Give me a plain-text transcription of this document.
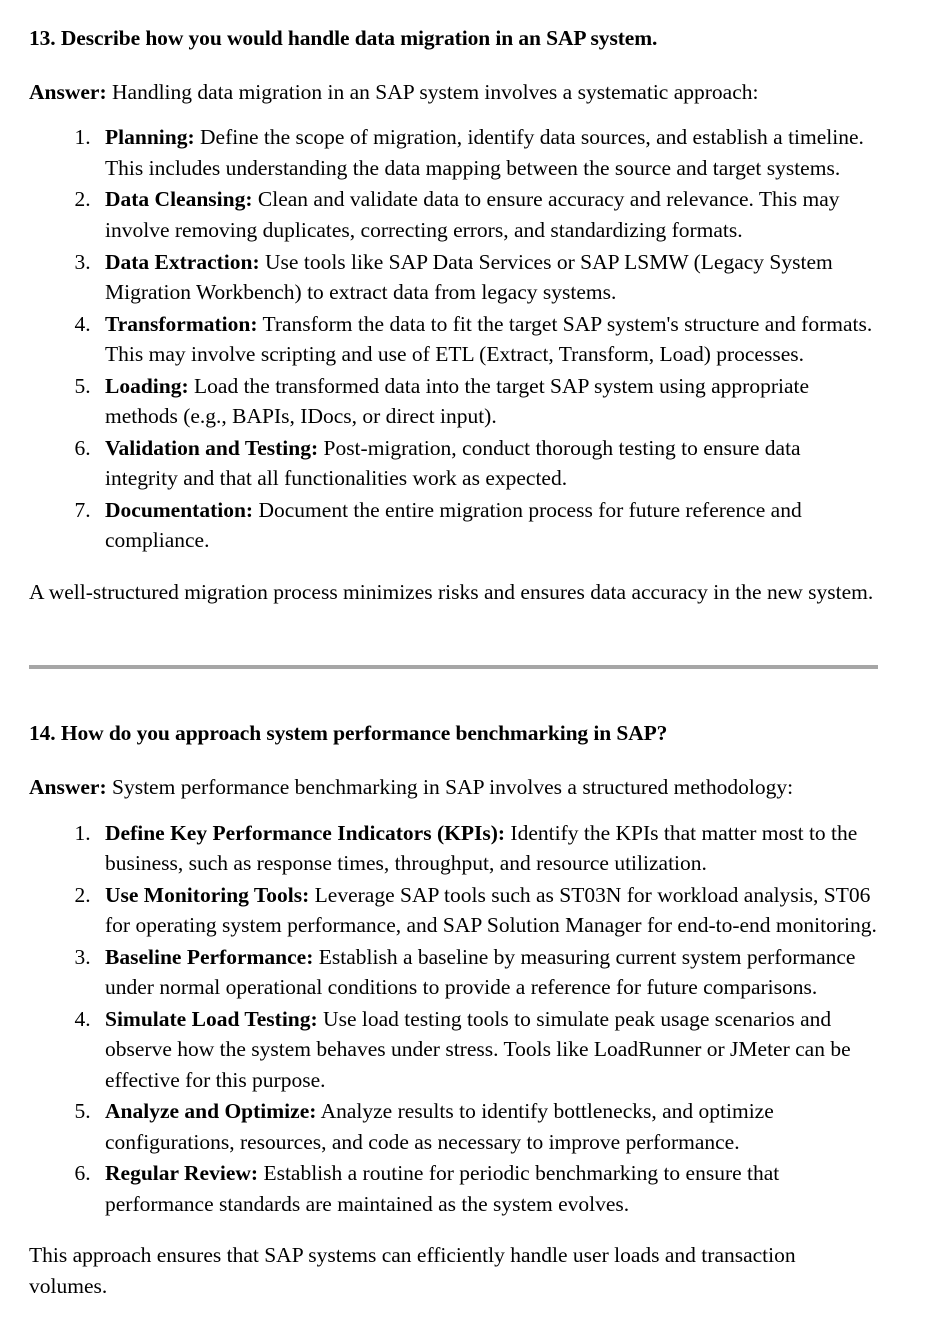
13. Describe how you would handle data migration in an SAP system.

Answer: Handling data migration in an SAP system involves a systematic approach:

1. Planning: Define the scope of migration, identify data sources, and establish a timeline. This includes understanding the data mapping between the source and target systems.
2. Data Cleansing: Clean and validate data to ensure accuracy and relevance. This may involve removing duplicates, correcting errors, and standardizing formats.
3. Data Extraction: Use tools like SAP Data Services or SAP LSMW (Legacy System Migration Workbench) to extract data from legacy systems.
4. Transformation: Transform the data to fit the target SAP system's structure and formats. This may involve scripting and use of ETL (Extract, Transform, Load) processes.
5. Loading: Load the transformed data into the target SAP system using appropriate methods (e.g., BAPIs, IDocs, or direct input).
6. Validation and Testing: Post-migration, conduct thorough testing to ensure data integrity and that all functionalities work as expected.
7. Documentation: Document the entire migration process for future reference and compliance.

A well-structured migration process minimizes risks and ensures data accuracy in the new system.

14. How do you approach system performance benchmarking in SAP?

Answer: System performance benchmarking in SAP involves a structured methodology:

1. Define Key Performance Indicators (KPIs): Identify the KPIs that matter most to the business, such as response times, throughput, and resource utilization.
2. Use Monitoring Tools: Leverage SAP tools such as ST03N for workload analysis, ST06 for operating system performance, and SAP Solution Manager for end-to-end monitoring.
3. Baseline Performance: Establish a baseline by measuring current system performance under normal operational conditions to provide a reference for future comparisons.
4. Simulate Load Testing: Use load testing tools to simulate peak usage scenarios and observe how the system behaves under stress. Tools like LoadRunner or JMeter can be effective for this purpose.
5. Analyze and Optimize: Analyze results to identify bottlenecks, and optimize configurations, resources, and code as necessary to improve performance.
6. Regular Review: Establish a routine for periodic benchmarking to ensure that performance standards are maintained as the system evolves.

This approach ensures that SAP systems can efficiently handle user loads and transaction volumes.
